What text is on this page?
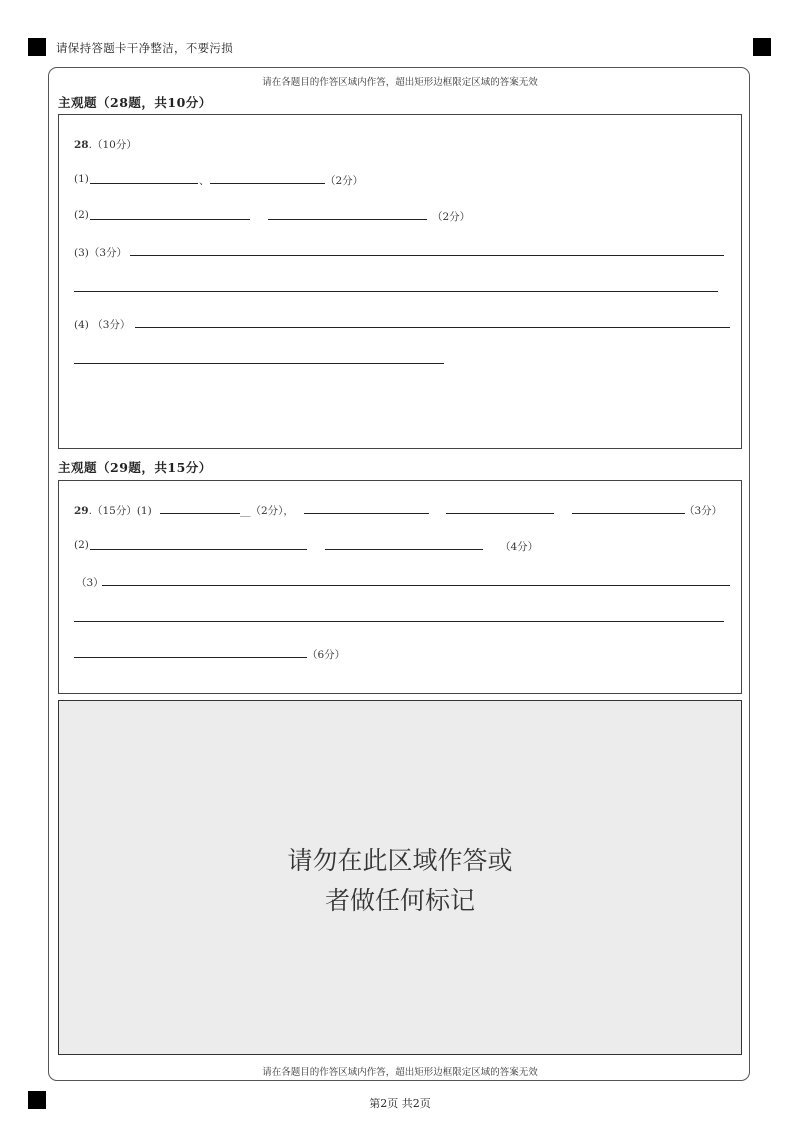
请保持答题卡干净整洁，不要污损
请在各题目的作答区域内作答，超出矩形边框限定区域的答案无效
主观题（28题，共10分）
28.（10分）
(1)	、	（2分）
(2)	（2分）
(3)（3分）
(4) （3分）
主观题（29题，共15分）
29.（15分）(1)	__（2分），	（3分）
(2)	（4分）
（3）
（6分）
请勿在此区域作答或
者做任何标记
请在各题目的作答区域内作答，超出矩形边框限定区域的答案无效
第2页 共2页
